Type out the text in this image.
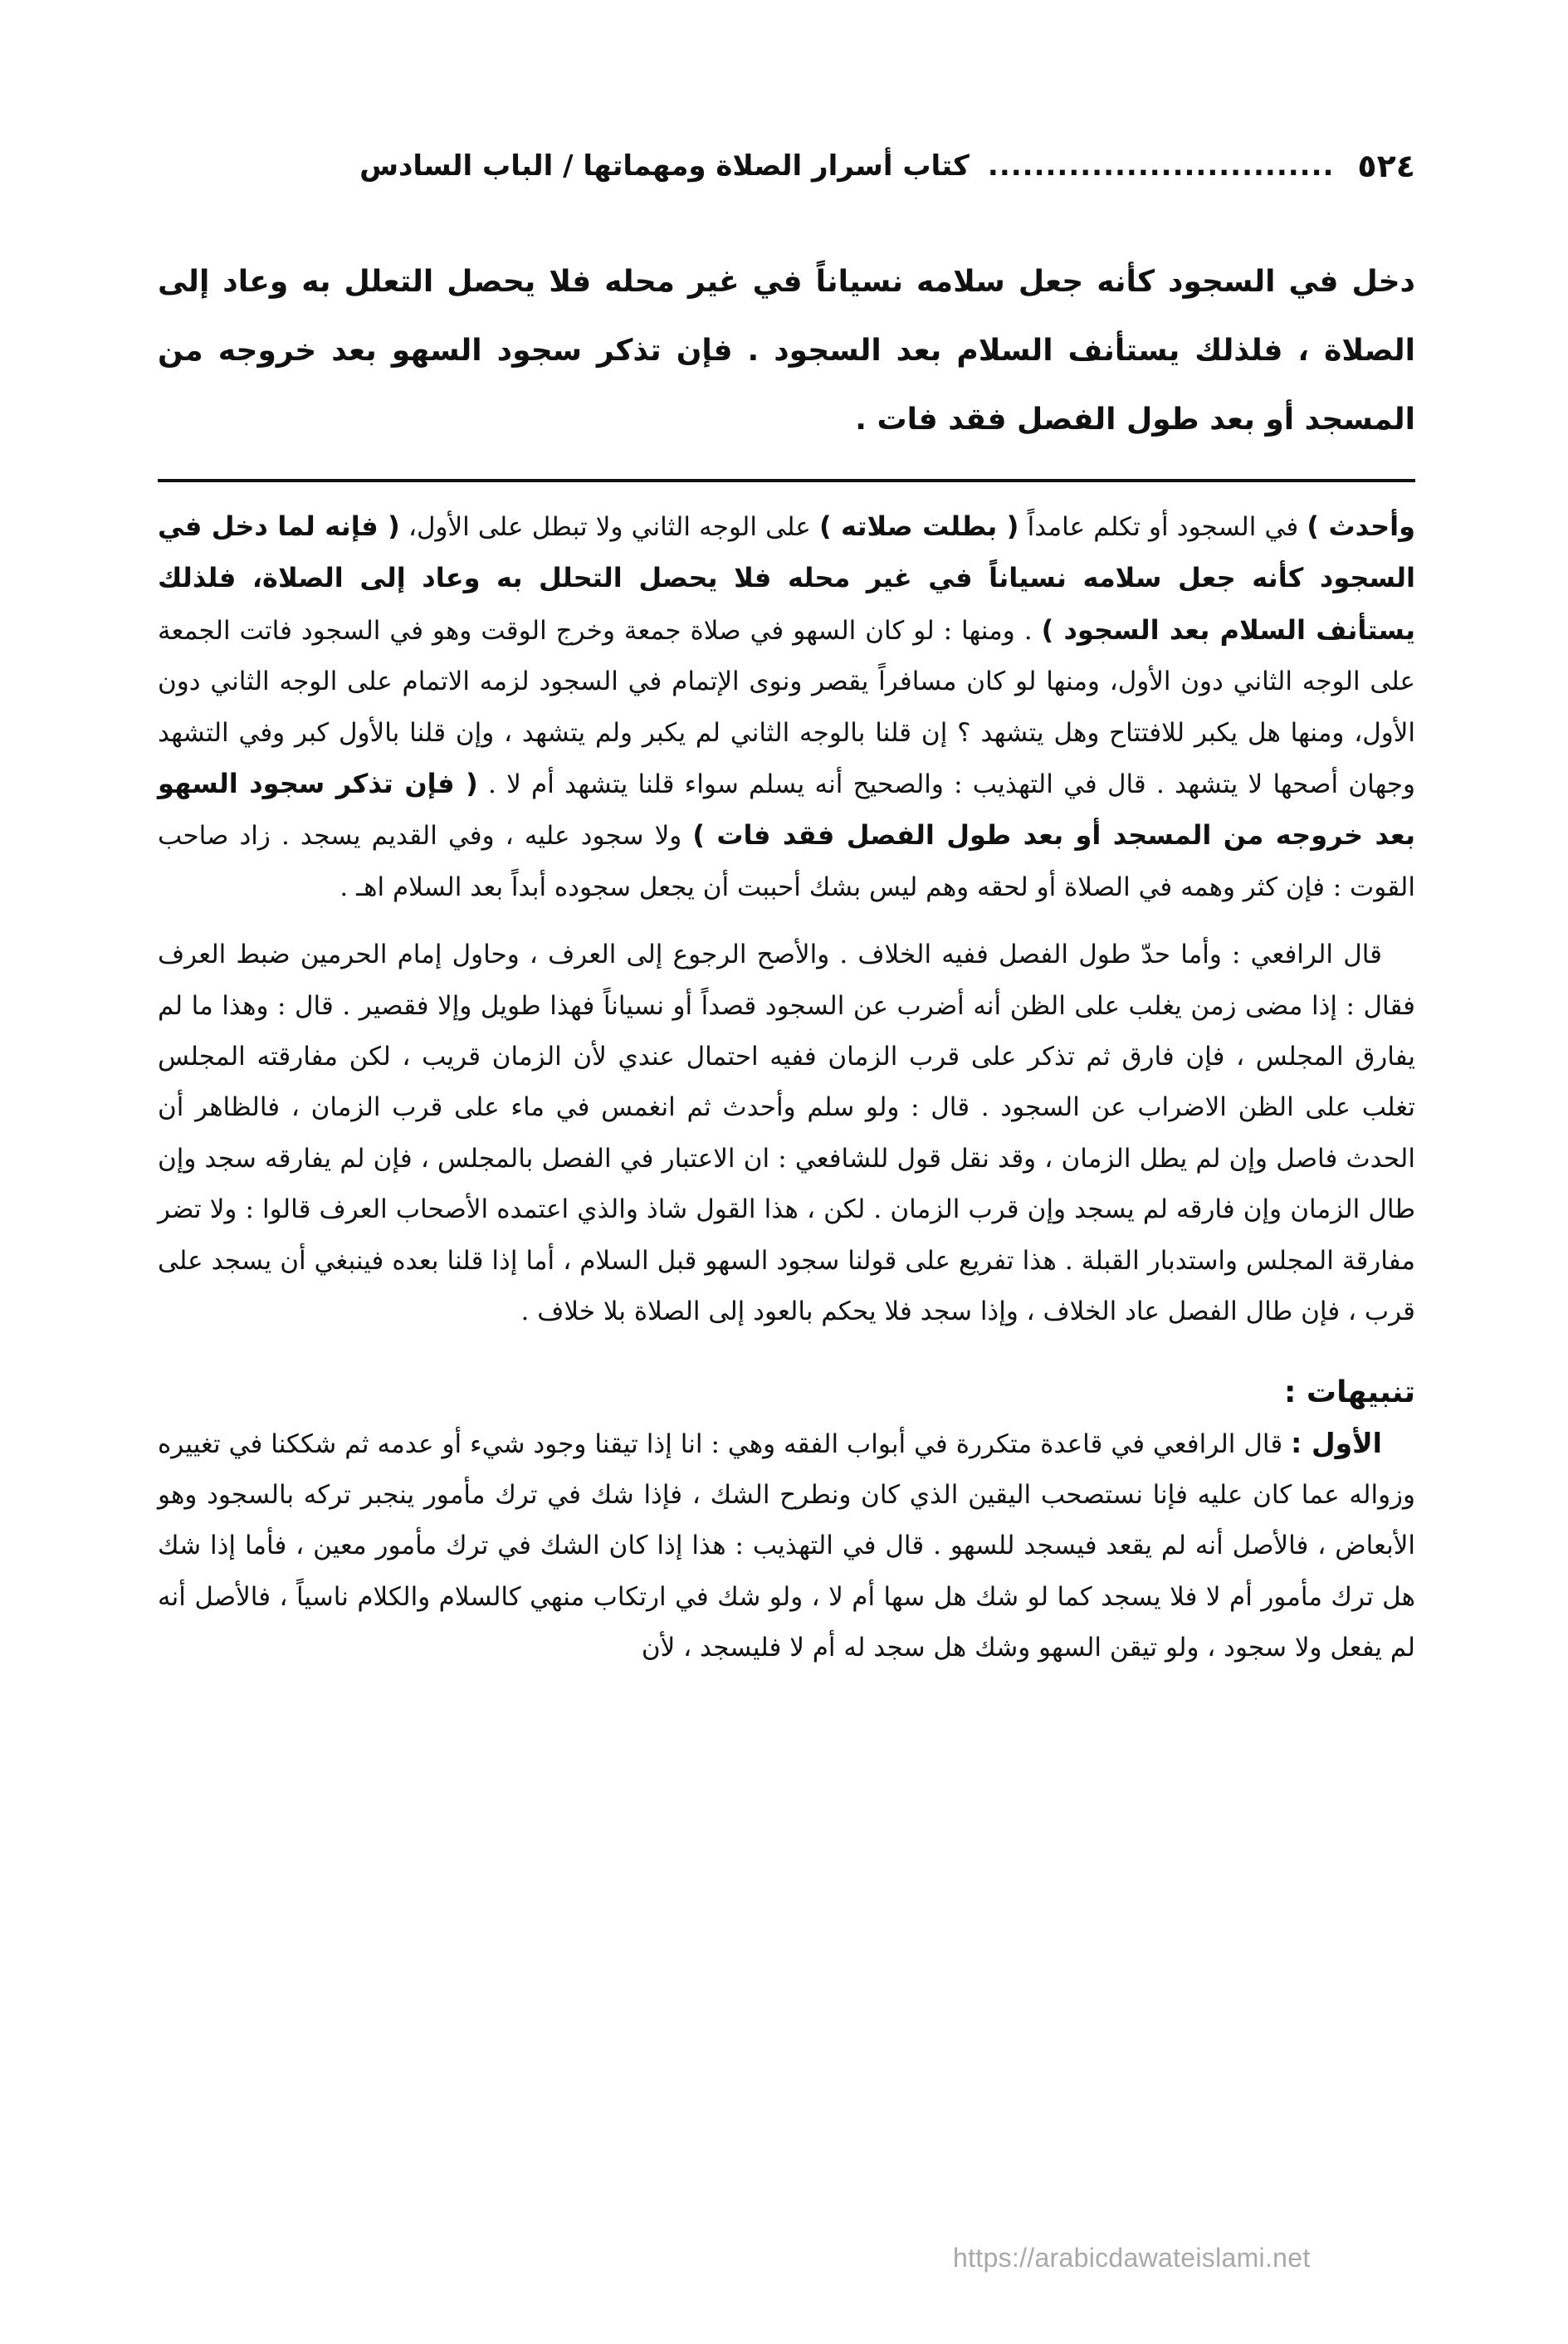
٥٢٤
..............................
كتاب أسرار الصلاة ومهماتها / الباب السادس

دخل في السجود كأنه جعل سلامه نسياناً في غير محله فلا يحصل التعلل به وعاد إلى الصلاة ، فلذلك يستأنف السلام بعد السجود . فإن تذكر سجود السهو بعد خروجه من المسجد أو بعد طول الفصل فقد فات .

وأحدث ) في السجود أو تكلم عامداً ( بطلت صلاته ) على الوجه الثاني ولا تبطل على الأول، ( فإنه لما دخل في السجود كأنه جعل سلامه نسياناً في غير محله فلا يحصل التحلل به وعاد إلى الصلاة، فلذلك يستأنف السلام بعد السجود ) . ومنها : لو كان السهو في صلاة جمعة وخرج الوقت وهو في السجود فاتت الجمعة على الوجه الثاني دون الأول، ومنها لو كان مسافراً يقصر ونوى الإتمام في السجود لزمه الاتمام على الوجه الثاني دون الأول، ومنها هل يكبر للافتتاح وهل يتشهد ؟ إن قلنا بالوجه الثاني لم يكبر ولم يتشهد ، وإن قلنا بالأول كبر وفي التشهد وجهان أصحها لا يتشهد . قال في التهذيب : والصحيح أنه يسلم سواء قلنا يتشهد أم لا . ( فإن تذكر سجود السهو بعد خروجه من المسجد أو بعد طول الفصل فقد فات ) ولا سجود عليه ، وفي القديم يسجد . زاد صاحب القوت : فإن كثر وهمه في الصلاة أو لحقه وهم ليس بشك أحببت أن يجعل سجوده أبداً بعد السلام اهـ .

قال الرافعي : وأما حدّ طول الفصل ففيه الخلاف . والأصح الرجوع إلى العرف ، وحاول إمام الحرمين ضبط العرف فقال : إذا مضى زمن يغلب على الظن أنه أضرب عن السجود قصداً أو نسياناً فهذا طويل وإلا فقصير . قال : وهذا ما لم يفارق المجلس ، فإن فارق ثم تذكر على قرب الزمان ففيه احتمال عندي لأن الزمان قريب ، لكن مفارقته المجلس تغلب على الظن الاضراب عن السجود . قال : ولو سلم وأحدث ثم انغمس في ماء على قرب الزمان ، فالظاهر أن الحدث فاصل وإن لم يطل الزمان ، وقد نقل قول للشافعي : ان الاعتبار في الفصل بالمجلس ، فإن لم يفارقه سجد وإن طال الزمان وإن فارقه لم يسجد وإن قرب الزمان . لكن ، هذا القول شاذ والذي اعتمده الأصحاب العرف قالوا : ولا تضر مفارقة المجلس واستدبار القبلة . هذا تفريع على قولنا سجود السهو قبل السلام ، أما إذا قلنا بعده فينبغي أن يسجد على قرب ، فإن طال الفصل عاد الخلاف ، وإذا سجد فلا يحكم بالعود إلى الصلاة بلا خلاف .

تنبيهات :

الأول : قال الرافعي في قاعدة متكررة في أبواب الفقه وهي : انا إذا تيقنا وجود شيء أو عدمه ثم شككنا في تغييره وزواله عما كان عليه فإنا نستصحب اليقين الذي كان ونطرح الشك ، فإذا شك في ترك مأمور ينجبر تركه بالسجود وهو الأبعاض ، فالأصل أنه لم يقعد فيسجد للسهو . قال في التهذيب : هذا إذا كان الشك في ترك مأمور معين ، فأما إذا شك هل ترك مأمور أم لا فلا يسجد كما لو شك هل سها أم لا ، ولو شك في ارتكاب منهي كالسلام والكلام ناسياً ، فالأصل أنه لم يفعل ولا سجود ، ولو تيقن السهو وشك هل سجد له أم لا فليسجد ، لأن

https://arabicdawateislami.net
